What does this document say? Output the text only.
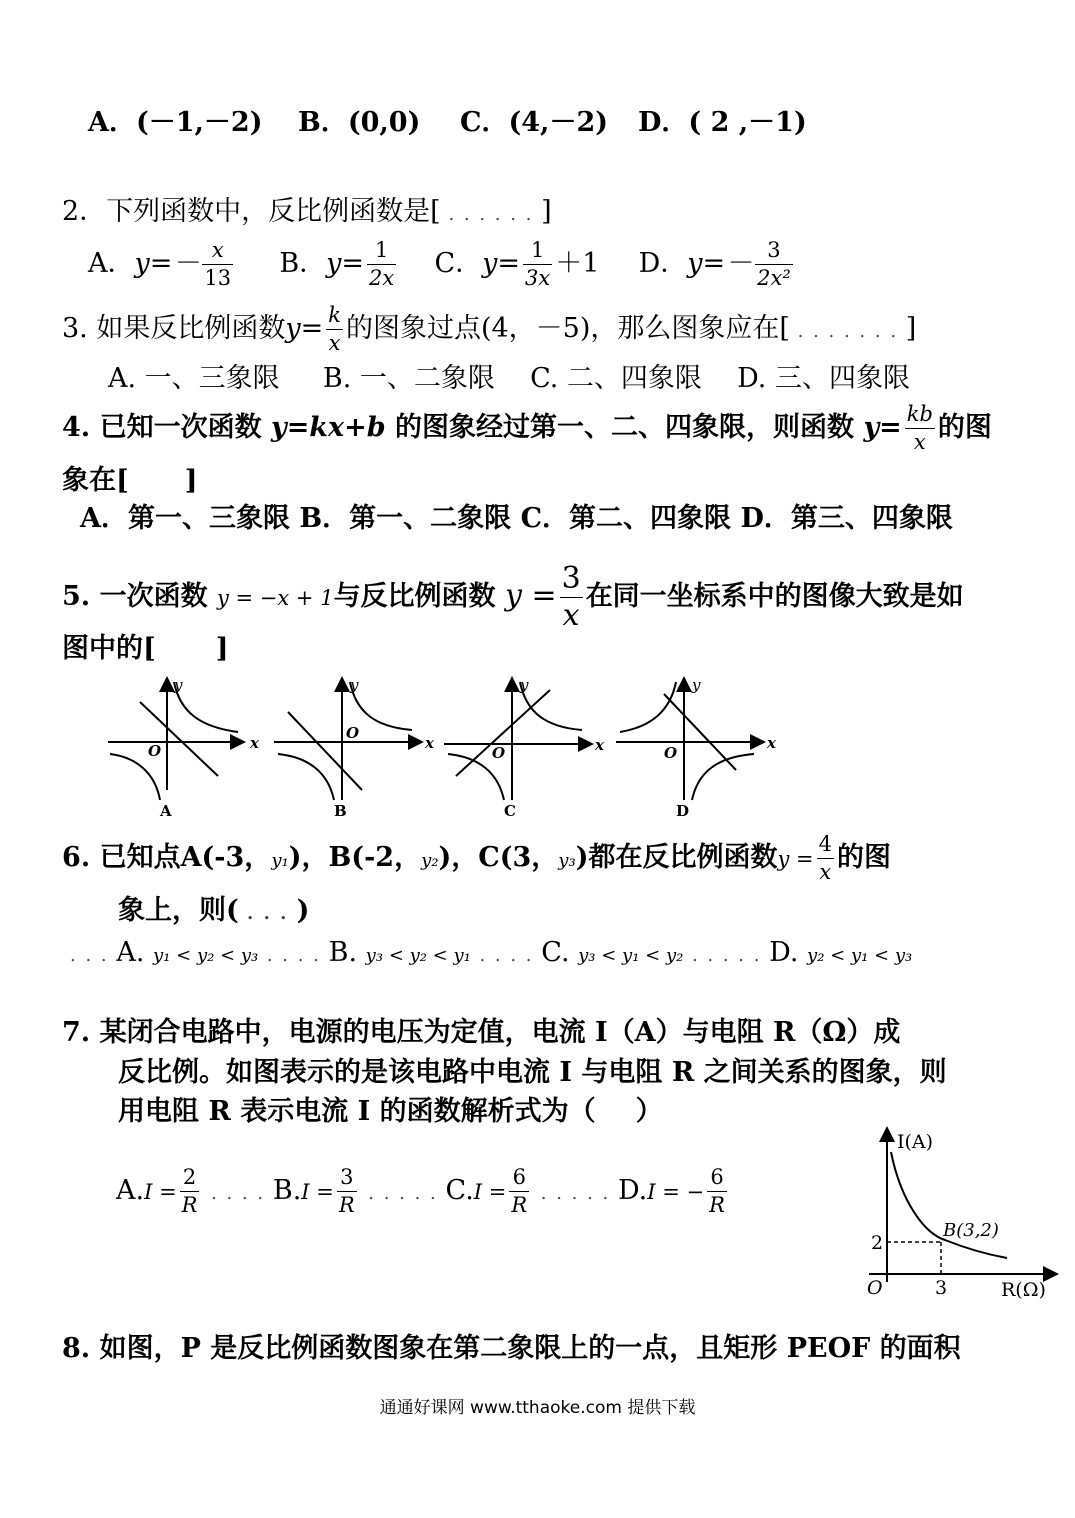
A．(－1,－2) B．(0,0) C．(4,－2) D．( 2 ,－1)
2．下列函数中，反比例函数是[ . . . . . . ]
A．$y=- \frac{x}{13}$ B．$y= \frac{1}{2x}$ C．$y= \frac{1}{3x} +1$ D．$y=- \frac{3}{\text{2x²}}$
3. 如果反比例函数$y= \frac{k}{x}$ 的图象过点(4，－5)，那么图象应在[ . . . . . . . ]
A. 一、三象限 B. 一、二象限 C. 二、四象限 D. 三、四象限
4. 已知一次函数 y=kx+b 的图象经过第一、二、四象限，则函数 $y= \frac{kb}{x}$ 的图
象在[ ]
A．第一、三象限 B．第一、二象限 C．第二、四象限 D．第三、四象限
5. 一次函数 y = −x + 1与反比例函数 $y = \frac{3}{x}$ 在同一坐标系中的图像大致是如
图中的[ ]
y
x
O
A
y
x
O
B
y
x
O
C
y
x
O
D
6. 已知点A(-3，y₁)，B(-2，y₂)，C(3，y₃)都在反比例函数$y = \frac{4}{x}$ 的图
象上，则( . . . )
. . . A. y₁ < y₂ < y₃ . . . . B. y₃ < y₂ < y₁ . . . . C. y₃ < y₁ < y₂ . . . . . D. y₂ < y₁ < y₃
7. 某闭合电路中，电源的电压为定值，电流 I（A）与电阻 R（Ω）成
反比例。如图表示的是该电路中电流 I 与电阻 R 之间关系的图象，则
用电阻 R 表示电流 I 的函数解析式为（ ）
$A.I = \frac{2}{R}$ . . . . $B.I = \frac{3}{R}$ . . . . . $C.I = \frac{6}{R}$ . . . . . D.I = − $\frac{6}{R}$
I(A)
R(Ω)
O
B(3,2)
3
2
8. 如图，P 是反比例函数图象在第二象限上的一点，且矩形 PEOF 的面积
通通好课网 www.tthaoke.com 提供下载
